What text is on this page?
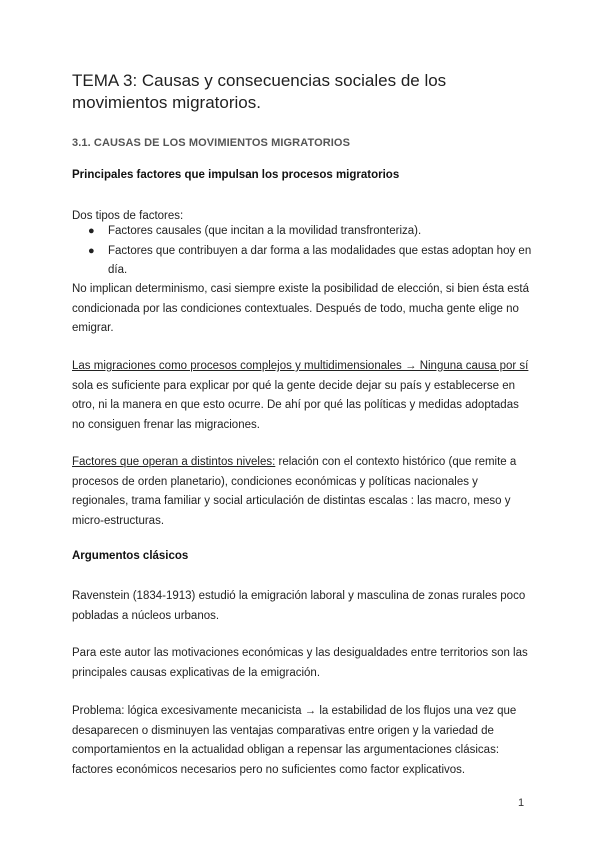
TEMA 3: Causas y consecuencias sociales de los movimientos migratorios.
3.1. CAUSAS DE LOS MOVIMIENTOS MIGRATORIOS
Principales factores que impulsan los procesos migratorios

Dos tipos de factores:

● Factores causales (que incitan a la movilidad transfronteriza).
● Factores que contribuyen a dar forma a las modalidades que estas adoptan hoy en día.

No implican determinismo, casi siempre existe la posibilidad de elección, si bien ésta está condicionada por las condiciones contextuales. Después de todo, mucha gente elige no emigrar.

Las migraciones como procesos complejos y multidimensionales → Ninguna causa por sí sola es suficiente para explicar por qué la gente decide dejar su país y establecerse en otro, ni la manera en que esto ocurre. De ahí por qué las políticas y medidas adoptadas no consiguen frenar las migraciones.

Factores que operan a distintos niveles: relación con el contexto histórico (que remite a procesos de orden planetario), condiciones económicas y políticas nacionales y regionales, trama familiar y social articulación de distintas escalas : las macro, meso y micro-estructuras.

Argumentos clásicos

Ravenstein (1834-1913) estudió la emigración laboral y masculina de zonas rurales poco pobladas a núcleos urbanos.

Para este autor las motivaciones económicas y las desigualdades entre territorios son las principales causas explicativas de la emigración.

Problema: lógica excesivamente mecanicista → la estabilidad de los flujos una vez que desaparecen o disminuyen las ventajas comparativas entre origen y la variedad de comportamientos en la actualidad obligan a repensar las argumentaciones clásicas: factores económicos necesarios pero no suficientes como factor explicativos.

1
